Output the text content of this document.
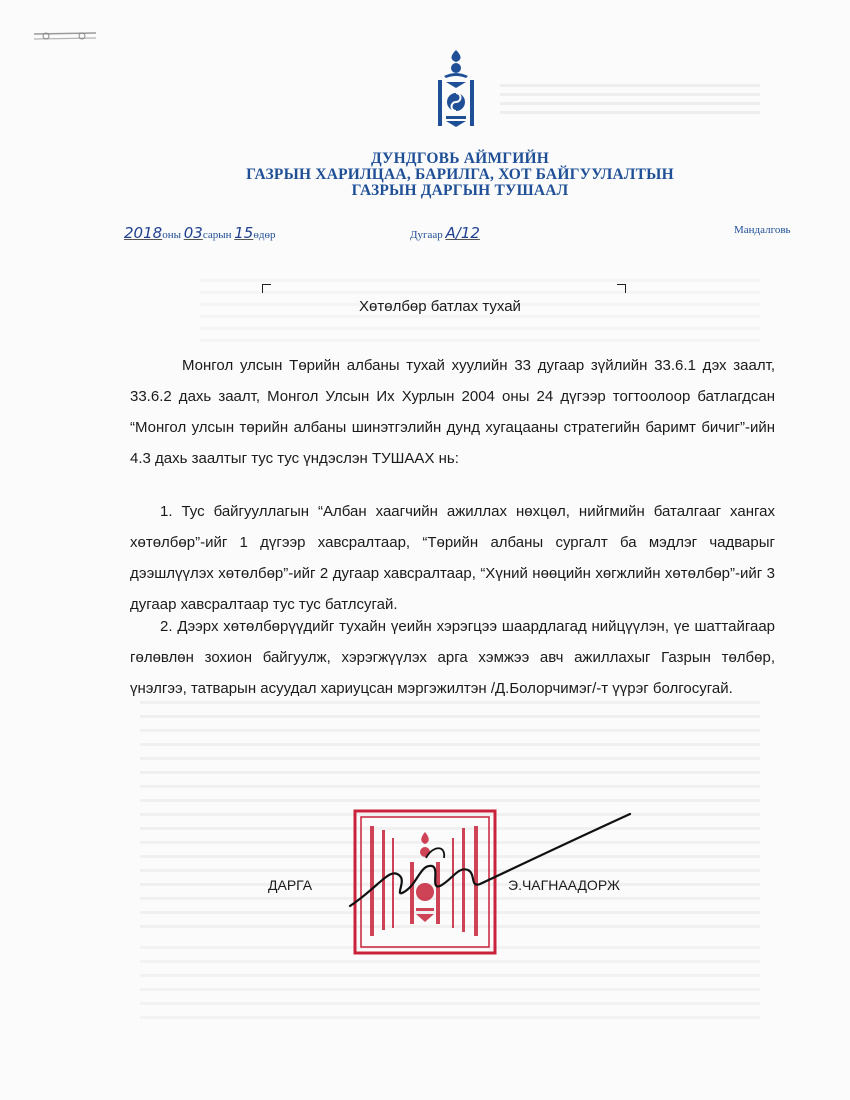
ДУНДГОВЬ АЙМГИЙН
ГАЗРЫН ХАРИЛЦАА, БАРИЛГА, ХОТ БАЙГУУЛАЛТЫН
ГАЗРЫН ДАРГЫН ТУШААЛ
2018оны 03сарын 15өдөр	Дугаар А/12	Мандалговь
Хөтөлбөр батлах тухай
Монгол улсын Төрийн албаны тухай хуулийн 33 дугаар зүйлийн 33.6.1 дэх заалт, 33.6.2 дахь заалт, Монгол Улсын Их Хурлын 2004 оны 24 дүгээр тогтоолоор батлагдсан “Монгол улсын төрийн албаны шинэтгэлийн дунд хугацааны стратегийн баримт бичиг”-ийн 4.3 дахь заалтыг тус тус үндэслэн ТУШААХ нь:
1. Тус байгууллагын “Албан хаагчийн ажиллах нөхцөл, нийгмийн баталгааг хангах хөтөлбөр”-ийг 1 дүгээр хавсралтаар, “Төрийн албаны сургалт ба мэдлэг чадварыг дээшлүүлэх хөтөлбөр”-ийг 2 дугаар хавсралтаар, “Хүний нөөцийн хөгжлийн хөтөлбөр”-ийг 3 дугаар хавсралтаар тус тус батлсугай.
2. Дээрх хөтөлбөрүүдийг тухайн үеийн хэрэгцээ шаардлагад нийцүүлэн, үе шаттайгаар гөлөвлөн зохион байгуулж, хэрэгжүүлэх арга хэмжээ авч ажиллахыг Газрын төлбөр, үнэлгээ, татварын асуудал хариуцсан мэргэжилтэн /Д.Болорчимэг/-т үүрэг болгосугай.
ДАРГА	Э.ЧАГНААДОРЖ
